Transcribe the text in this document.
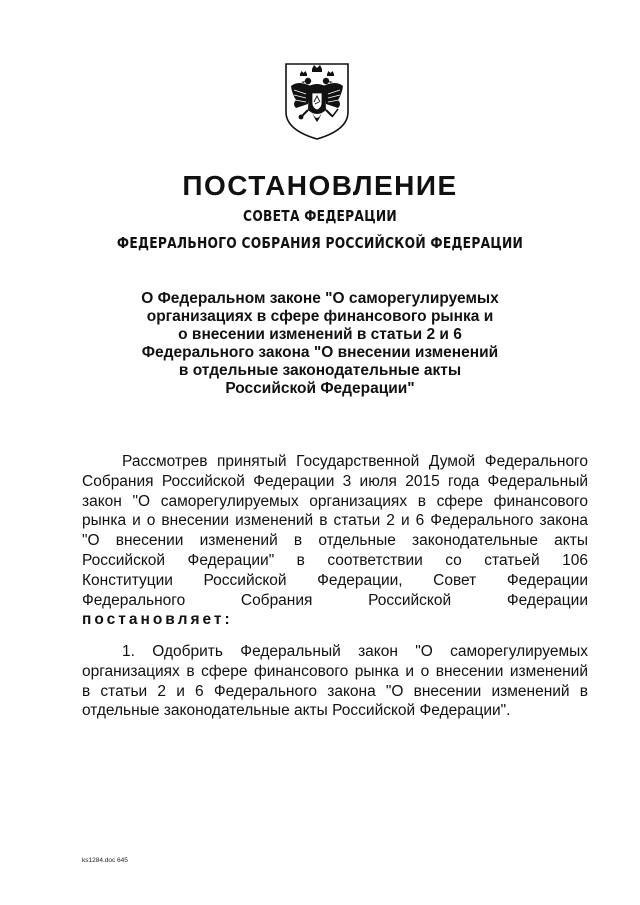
ПОСТАНОВЛЕНИЕ
СОВЕТА ФЕДЕРАЦИИ
ФЕДЕРАЛЬНОГО СОБРАНИЯ РОССИЙСКОЙ ФЕДЕРАЦИИ
О Федеральном законе "О саморегулируемых
организациях в сфере финансового рынка и
о внесении изменений в статьи 2 и 6
Федерального закона "О внесении изменений
в отдельные законодательные акты
Российской Федерации"
Рассмотрев принятый Государственной Думой Федерального
Собрания Российской Федерации 3 июля 2015 года Федеральный
закон "О саморегулируемых организациях в сфере финансового
рынка и о внесении изменений в статьи 2 и 6 Федерального закона
"О внесении изменений в отдельные законодательные акты
Российской Федерации" в соответствии со статьей 106
Конституции Российской Федерации, Совет Федерации
Федерального Собрания Российской Федерации
постановляет:
1. Одобрить Федеральный закон "О саморегулируемых
организациях в сфере финансового рынка и о внесении изменений
в статьи 2 и 6 Федерального закона "О внесении изменений в
отдельные законодательные акты Российской Федерации".
ks1284.doc 645
